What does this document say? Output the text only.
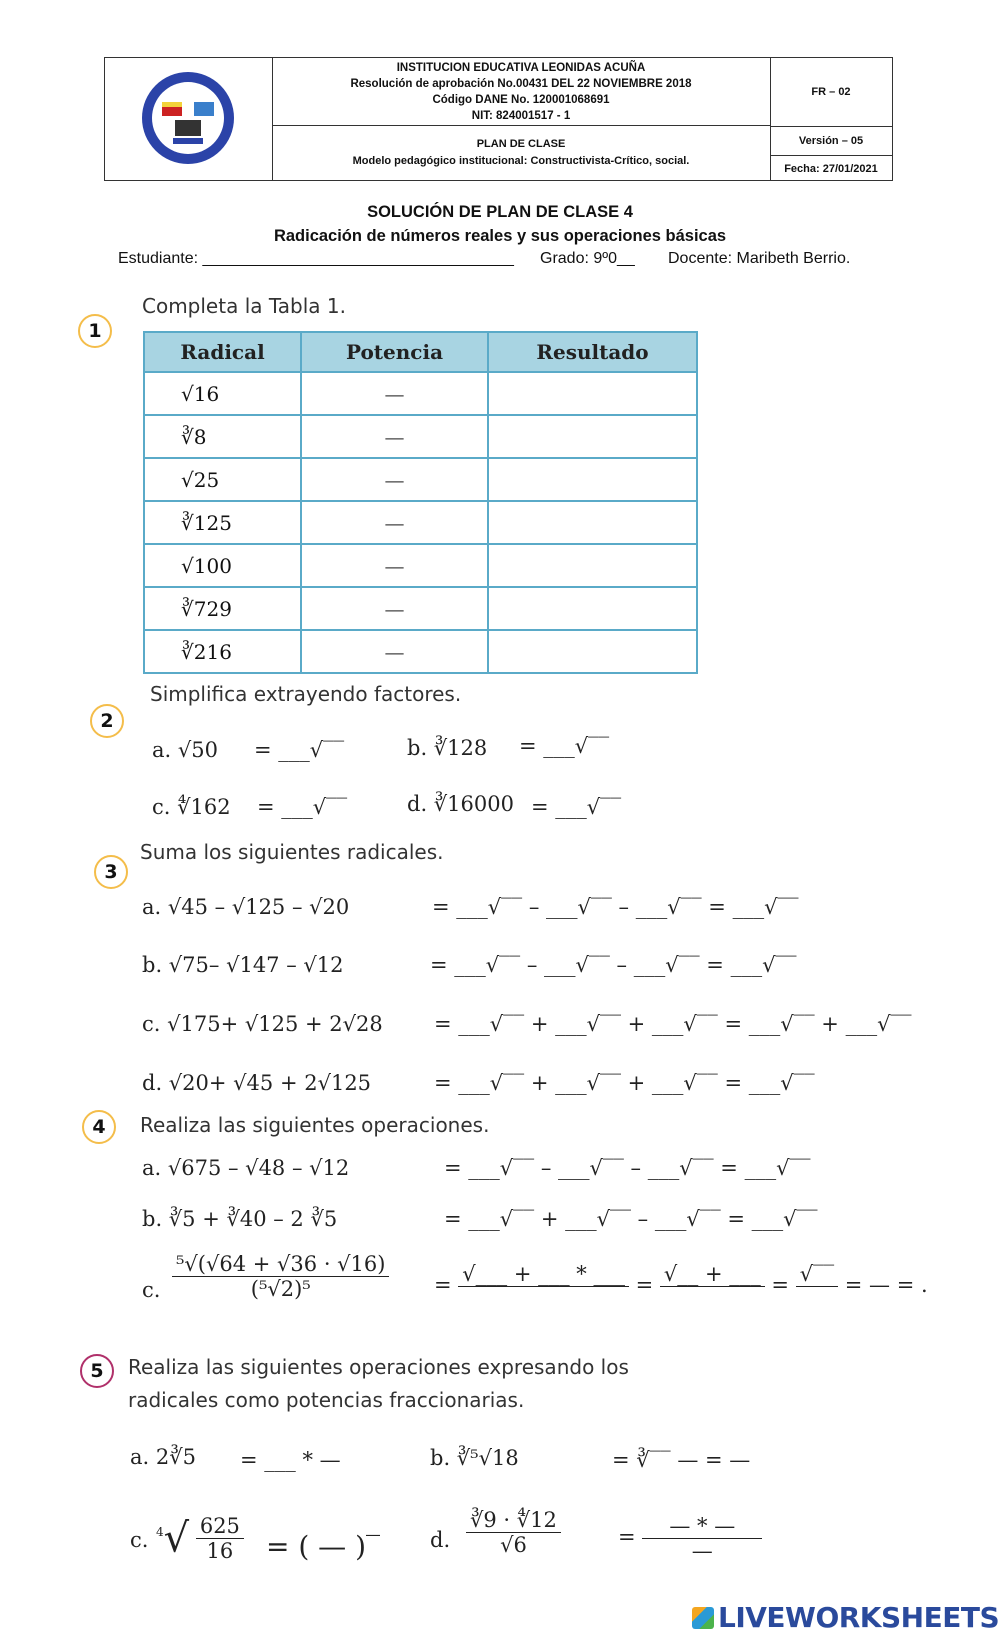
INSTITUCION EDUCATIVA LEONIDAS ACUÑA
Resolución de aprobación No.00431 DEL 22 NOVIEMBRE 2018
Código DANE No. 120001068691
NIT: 824001517 - 1
PLAN DE CLASE
Modelo pedagógico institucional: Constructivista-Crítico, social.
FR – 02
Versión – 05
Fecha: 27/01/2021
SOLUCIÓN DE PLAN DE CLASE 4
Radicación de números reales y sus operaciones básicas
Estudiante: ___________________________________ Grado: 9º0__ Docente: Maribeth Berrio.
1
Completa la Tabla 1.
Radical	Potencia	Resultado
√16	—	
∛8	—	
√25	—	
∛125	—	
√100	—	
∛729	—	
∛216	—	
2
Simplifica extrayendo factores.
a. √50 = ___√‾‾	b. ∛128 = ___√‾‾
c. ∜162 = ___√‾‾	d. ∛16000 = ___√‾‾
3
Suma los siguientes radicales.
a. √45 – √125 – √20	= ___√‾‾ – ___√‾‾ – ___√‾‾ = ___√‾‾
b. √75– √147 – √12	= ___√‾‾ – ___√‾‾ – ___√‾‾ = ___√‾‾
c. √175+ √125 + 2√28 = ___√‾‾ + ___√‾‾ + ___√‾‾ = ___√‾‾ + ___√‾‾
d. √20+ √45 + 2√125	= ___√‾‾ + ___√‾‾ + ___√‾‾ = ___√‾‾
4	Realiza las siguientes operaciones.
a. √675 – √48 – √12	= ___√‾‾ – ___√‾‾ – ___√‾‾ = ___√‾‾
b. ∛5 + ∛40 – 2 ∛5	= ___√‾‾ + ___√‾‾ – ___√‾‾ = ___√‾‾
c. $\frac{\text{⁵√(√64 + √36 · √16)}}{\text{(⁵√2)⁵}}$ = √___ + ___ * ___
= √__ + ___
= √‾‾
= — = .
5	Realiza las siguientes operaciones expresando los
radicales como potencias fraccionarias.
a. 2∛5 = ___ * —	b. ∛⁵√18	= ∛‾‾ — = —
c. $^4√ \frac{625}{16}$ = ( — )‾ d. $\frac{∛9 \cdot ∜12}{√6}$	= $\frac{— * —}{—}$
LIVEWORKSHEETS
